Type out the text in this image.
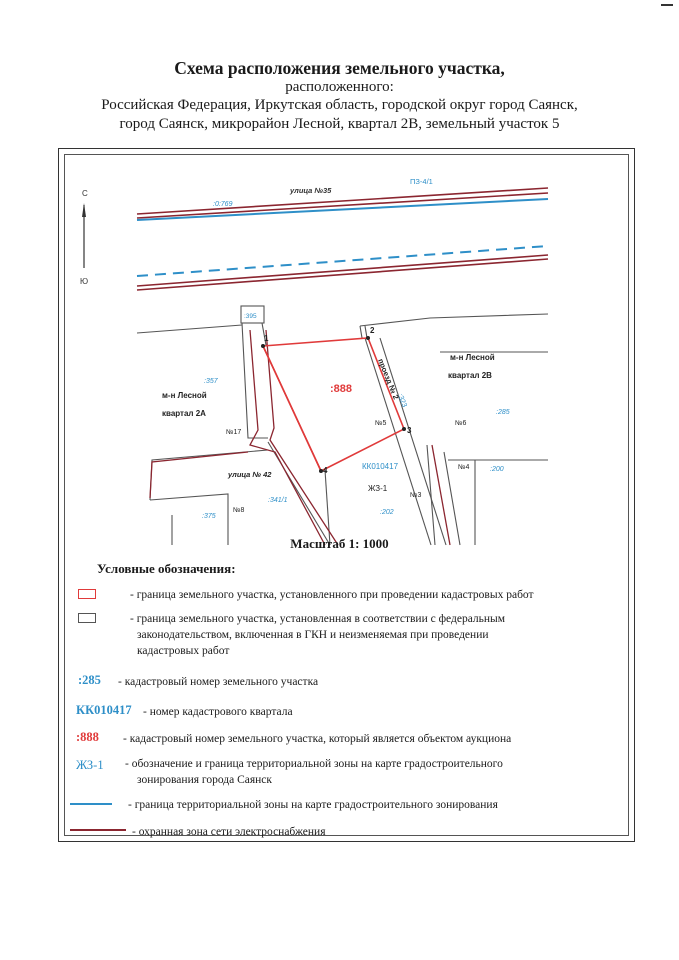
Схема расположения земельного участка,
расположенного:
Российская Федерация, Иркутская область, городской округ город Саянск,
город Саянск, микрорайон Лесной, квартал 2В, земельный участок 5
С
Ю
улица №35
ПЗ-4/1
:0:769
1
2
3
4
:888
:395
:357
м-н Лесной
квартал 2А
№17
улица № 42
:341/1
:375
№8
№5
КК010417
ЖЗ-1
№3
:202
проезд № 2
:323
м-н Лесной
квартал 2В
:285
№6
№4	:200
Масштаб 1: 1000
Условные обозначения:
- граница земельного участка, установленного при проведении кадастровых работ
- граница земельного участка, установленная в соответствии с федеральным
законодательством, включенная в ГКН и неизменяемая при проведении
кадастровых работ
:285 - кадастровый номер земельного участка
КК010417 - номер кадастрового квартала
:888 - кадастровый номер земельного участка, который является объектом аукциона
ЖЗ-1 - обозначение и граница территориальной зоны на карте градостроительного
зонирования города Саянск
- граница территориальной зоны на карте градостроительного зонирования
- охранная зона сети электроснабжения
